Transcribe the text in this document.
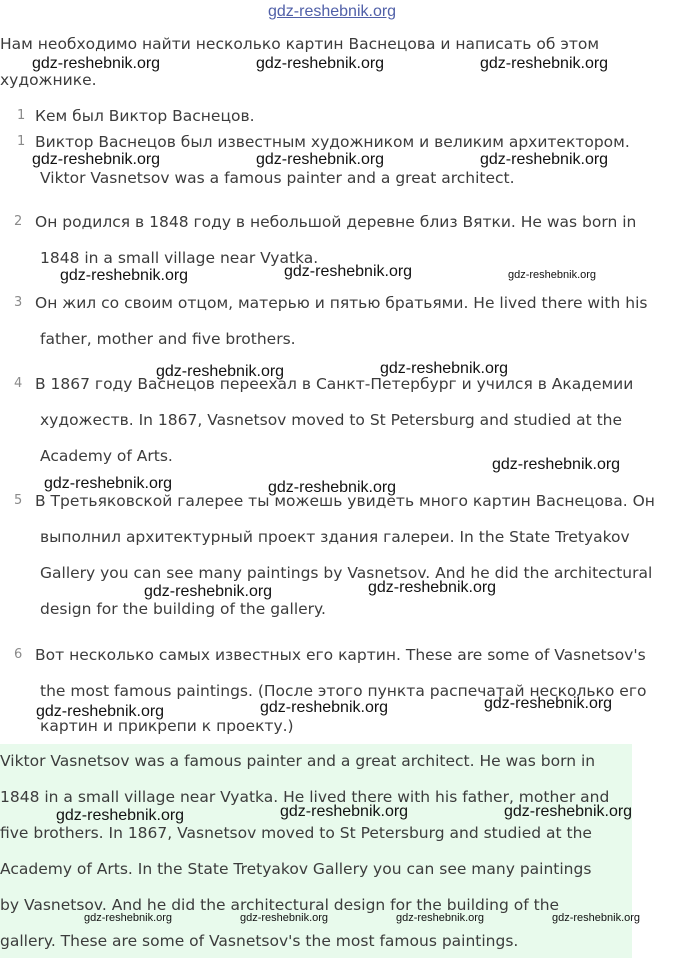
gdz-reshebnik.org
Нам необходимо найти несколько картин Васнецова и написать об этом
художнике.
1 Кем был Виктор Васнецов.
1 Виктор Васнецов был известным художником и великим архитектором.
Viktor Vasnetsov was a famous painter and a great architect.
2 Он родился в 1848 году в небольшой деревне близ Вятки. He was born in
1848 in a small village near Vyatka.
3 Он жил со своим отцом, матерью и пятью братьями. He lived there with his
father, mother and five brothers.
4 В 1867 году Васнецов переехал в Санкт-Петербург и учился в Академии
художеств. In 1867, Vasnetsov moved to St Petersburg and studied at the
Academy of Arts.
5 В Третьяковской галерее ты можешь увидеть много картин Васнецова. Он
выполнил архитектурный проект здания галереи. In the State Tretyakov
Gallery you can see many paintings by Vasnetsov. And he did the architectural
design for the building of the gallery.
6 Вот несколько самых известных его картин. These are some of Vasnetsov's
the most famous paintings. (После этого пункта распечатай несколько его
картин и прикрепи к проекту.)
Viktor Vasnetsov was a famous painter and a great architect. He was born in
1848 in a small village near Vyatka. He lived there with his father, mother and
five brothers. In 1867, Vasnetsov moved to St Petersburg and studied at the
Academy of Arts. In the State Tretyakov Gallery you can see many paintings
by Vasnetsov. And he did the architectural design for the building of the
gallery. These are some of Vasnetsov's the most famous paintings.
gdz-reshebnik.org	gdz-reshebnik.org	gdz-reshebnik.org
gdz-reshebnik.org	gdz-reshebnik.org	gdz-reshebnik.org
gdz-reshebnik.org	gdz-reshebnik.org	gdz-reshebnik.org
gdz-reshebnik.org	gdz-reshebnik.org
gdz-reshebnik.org
gdz-reshebnik.org	gdz-reshebnik.org
gdz-reshebnik.org	gdz-reshebnik.org
gdz-reshebnik.org	gdz-reshebnik.org	gdz-reshebnik.org
gdz-reshebnik.org	gdz-reshebnik.org	gdz-reshebnik.org
gdz-reshebnik.org	gdz-reshebnik.org	gdz-reshebnik.org	gdz-reshebnik.org
